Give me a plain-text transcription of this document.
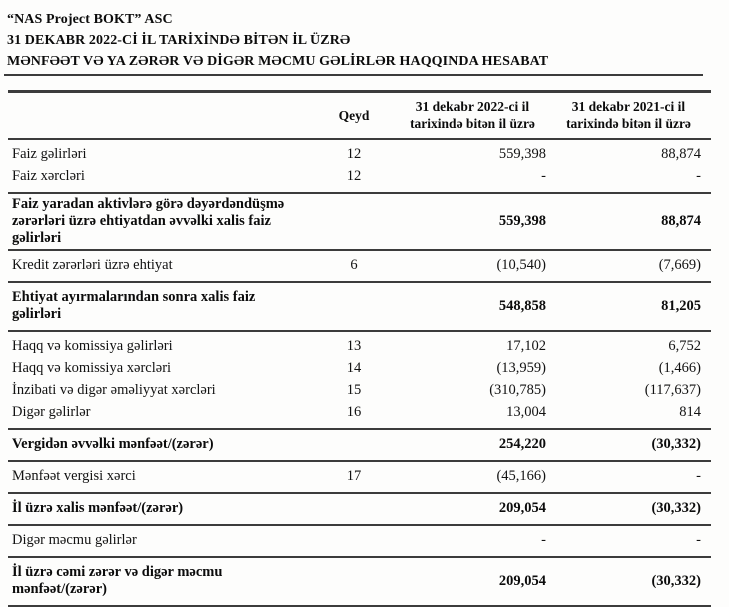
“NAS Project BOKT” ASC
31 DEKABR 2022-Cİ İL TARİXİNDƏ BİTƏN İL ÜZRƏ
MƏNFƏƏT VƏ YA ZƏRƏR VƏ DİGƏR MƏCMU GƏLİRLƏR HAQQINDA HESABAT
	Qeyd	31 dekabr 2022-ci il tarixində bitən il üzrə	31 dekabr 2021-ci il tarixində bitən il üzrə
Faiz gəlirləri	12	559,398	88,874
Faiz xərcləri	12	-	-
Faiz yaradan aktivlərə görə dəyərdəndüşmə zərərləri üzrə ehtiyatdan əvvəlki xalis faiz gəlirləri		559,398	88,874
Kredit zərərləri üzrə ehtiyat	6	(10,540)	(7,669)
Ehtiyat ayırmalarından sonra xalis faiz gəlirləri		548,858	81,205
Haqq və komissiya gəlirləri	13	17,102	6,752
Haqq və komissiya xərcləri	14	(13,959)	(1,466)
İnzibati və digər əməliyyat xərcləri	15	(310,785)	(117,637)
Digər gəlirlər	16	13,004	814
Vergidən əvvəlki mənfəət/(zərər)		254,220	(30,332)
Mənfəət vergisi xərci	17	(45,166)	-
İl üzrə xalis mənfəət/(zərər)		209,054	(30,332)
Digər məcmu gəlirlər		-	-
İl üzrə cəmi zərər və digər məcmu mənfəət/(zərər)		209,054	(30,332)
